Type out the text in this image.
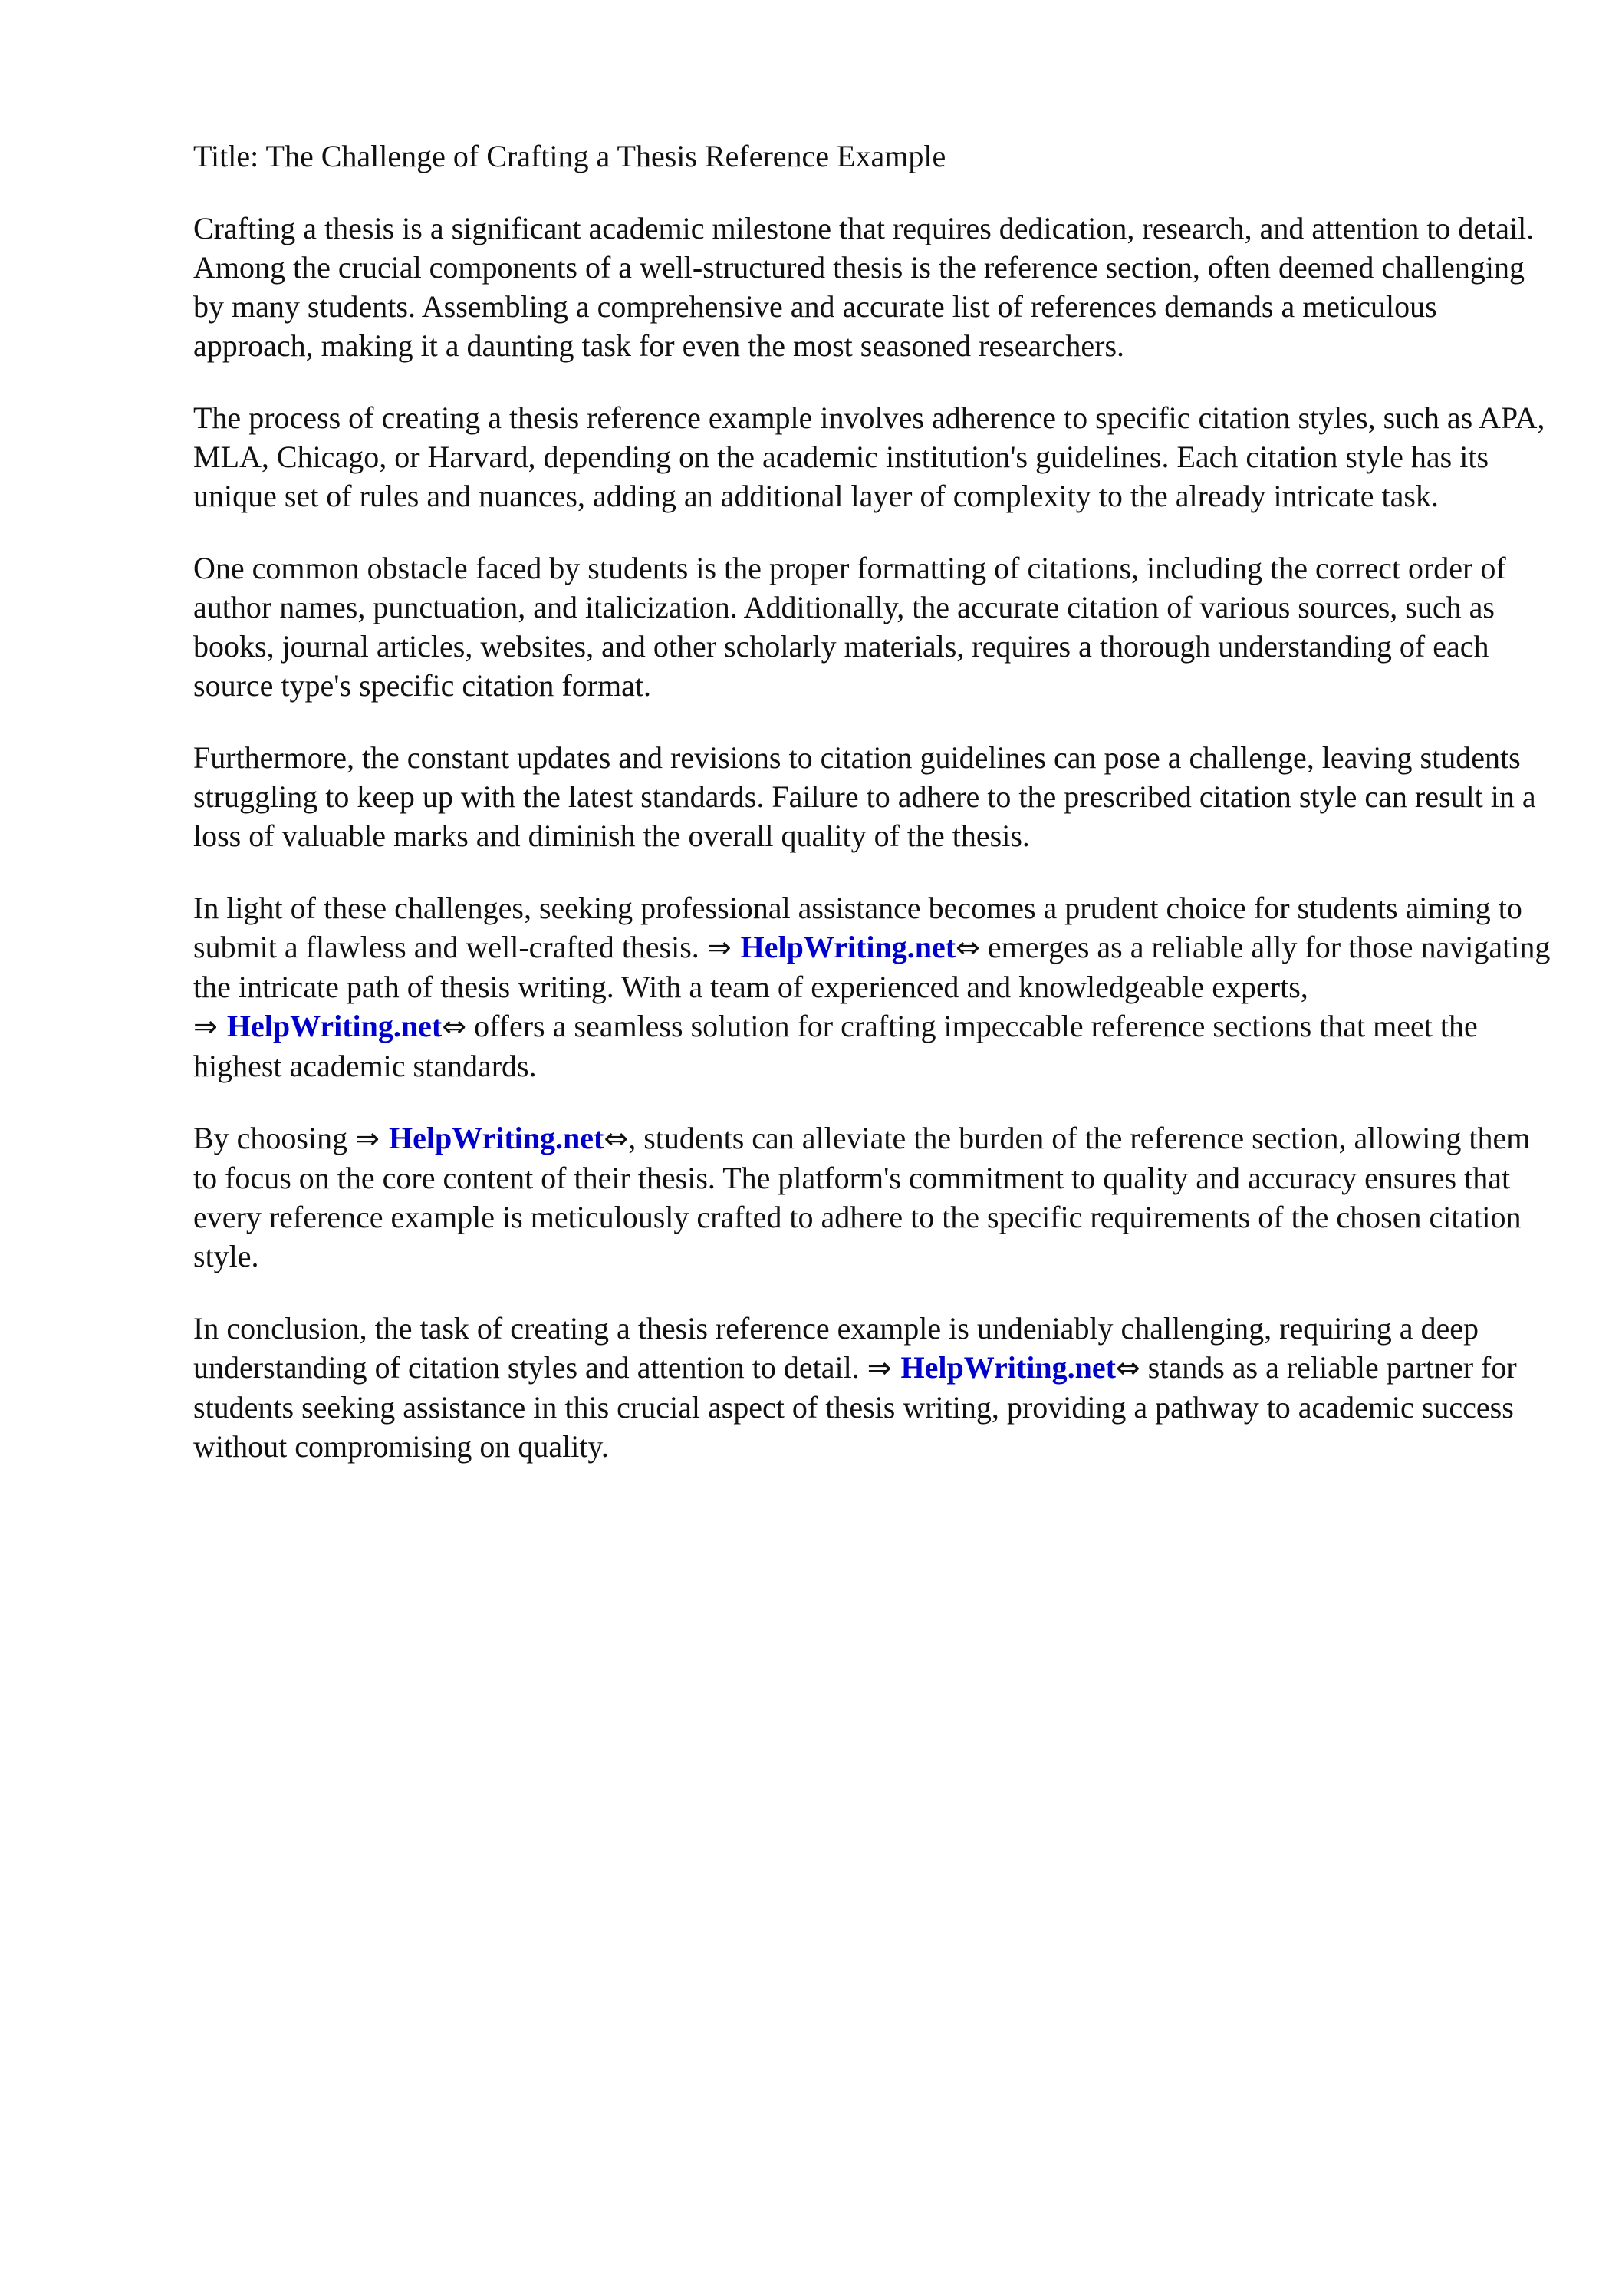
Title: The Challenge of Crafting a Thesis Reference Example

Crafting a thesis is a significant academic milestone that requires dedication, research, and attention to detail. Among the crucial components of a well-structured thesis is the reference section, often deemed challenging by many students. Assembling a comprehensive and accurate list of references demands a meticulous approach, making it a daunting task for even the most seasoned researchers.

The process of creating a thesis reference example involves adherence to specific citation styles, such as APA, MLA, Chicago, or Harvard, depending on the academic institution's guidelines. Each citation style has its unique set of rules and nuances, adding an additional layer of complexity to the already intricate task.

One common obstacle faced by students is the proper formatting of citations, including the correct order of author names, punctuation, and italicization. Additionally, the accurate citation of various sources, such as books, journal articles, websites, and other scholarly materials, requires a thorough understanding of each source type's specific citation format.

Furthermore, the constant updates and revisions to citation guidelines can pose a challenge, leaving students struggling to keep up with the latest standards. Failure to adhere to the prescribed citation style can result in a loss of valuable marks and diminish the overall quality of the thesis.

In light of these challenges, seeking professional assistance becomes a prudent choice for students aiming to submit a flawless and well-crafted thesis. ⇒ HelpWriting.net⇔ emerges as a reliable ally for those navigating the intricate path of thesis writing. With a team of experienced and knowledgeable experts, ⇒ HelpWriting.net⇔ offers a seamless solution for crafting impeccable reference sections that meet the highest academic standards.

By choosing ⇒ HelpWriting.net⇔, students can alleviate the burden of the reference section, allowing them to focus on the core content of their thesis. The platform's commitment to quality and accuracy ensures that every reference example is meticulously crafted to adhere to the specific requirements of the chosen citation style.

In conclusion, the task of creating a thesis reference example is undeniably challenging, requiring a deep understanding of citation styles and attention to detail. ⇒ HelpWriting.net⇔ stands as a reliable partner for students seeking assistance in this crucial aspect of thesis writing, providing a pathway to academic success without compromising on quality.
